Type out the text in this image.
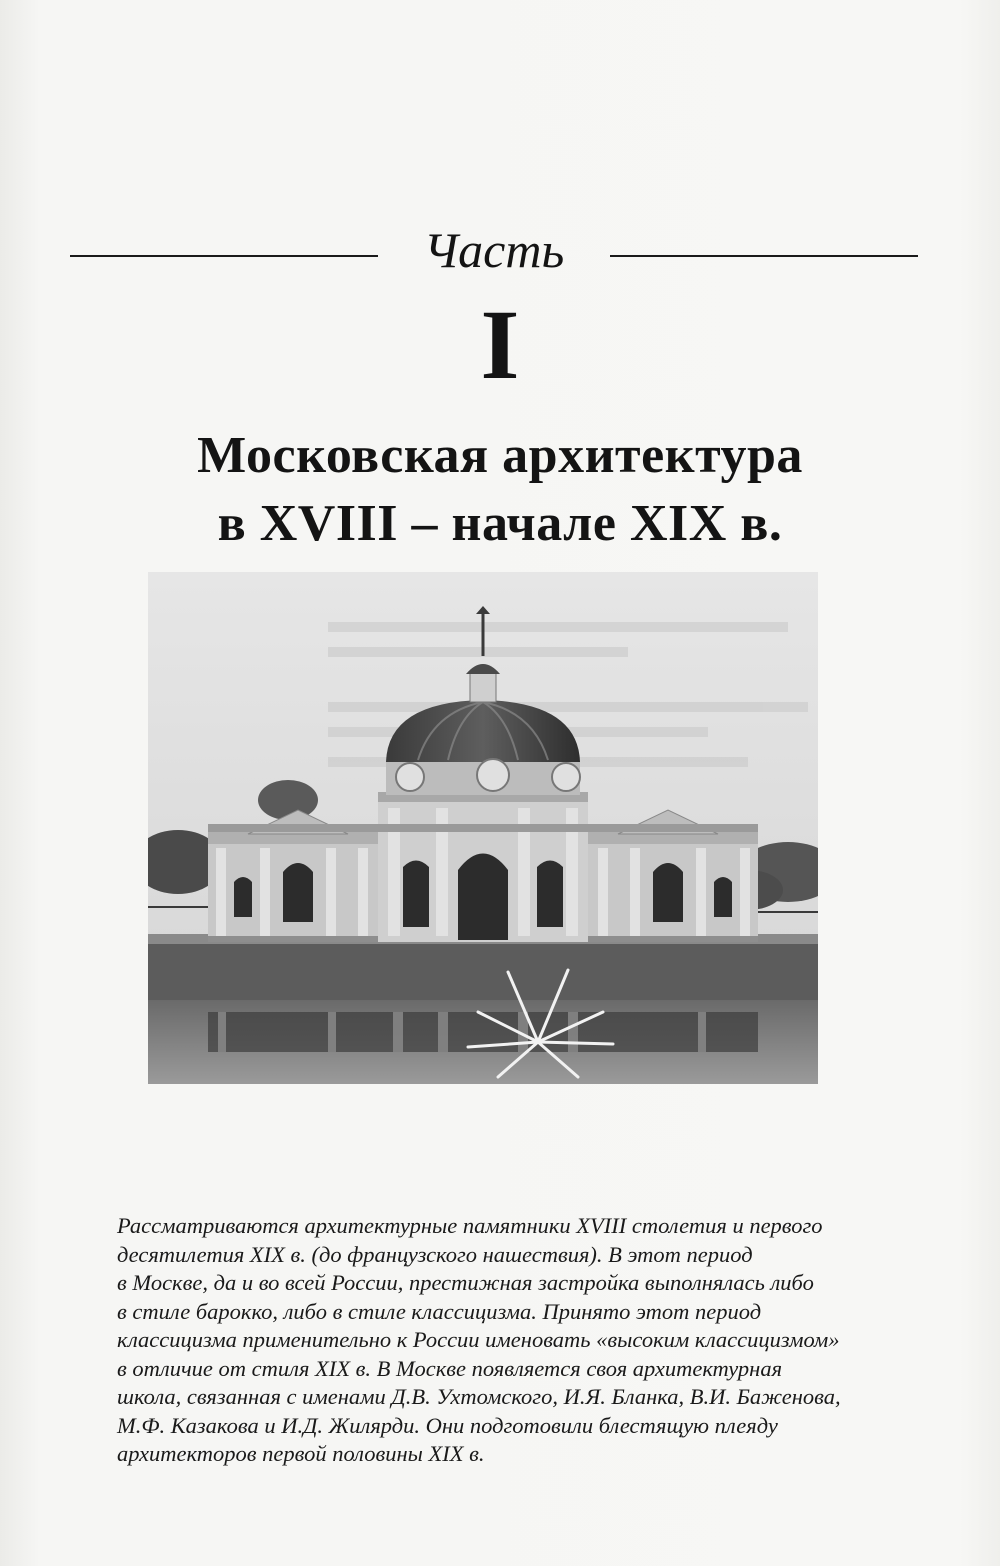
Часть
I
Московская архитектура
в XVIII – начале XIX в.
Рассматриваются архитектурные памятники XVIII столетия и первого
десятилетия XIX в. (до французского нашествия). В этот период
в Москве, да и во всей России, престижная застройка выполнялась либо
в стиле барокко, либо в стиле классицизма. Принято этот период
классицизма применительно к России именовать «высоким классицизмом»
в отличие от стиля XIX в. В Москве появляется своя архитектурная
школа, связанная с именами Д.В. Ухтомского, И.Я. Бланка, В.И. Баженова,
М.Ф. Казакова и И.Д. Жилярди. Они подготовили блестящую плеяду
архитекторов первой половины XIX в.
